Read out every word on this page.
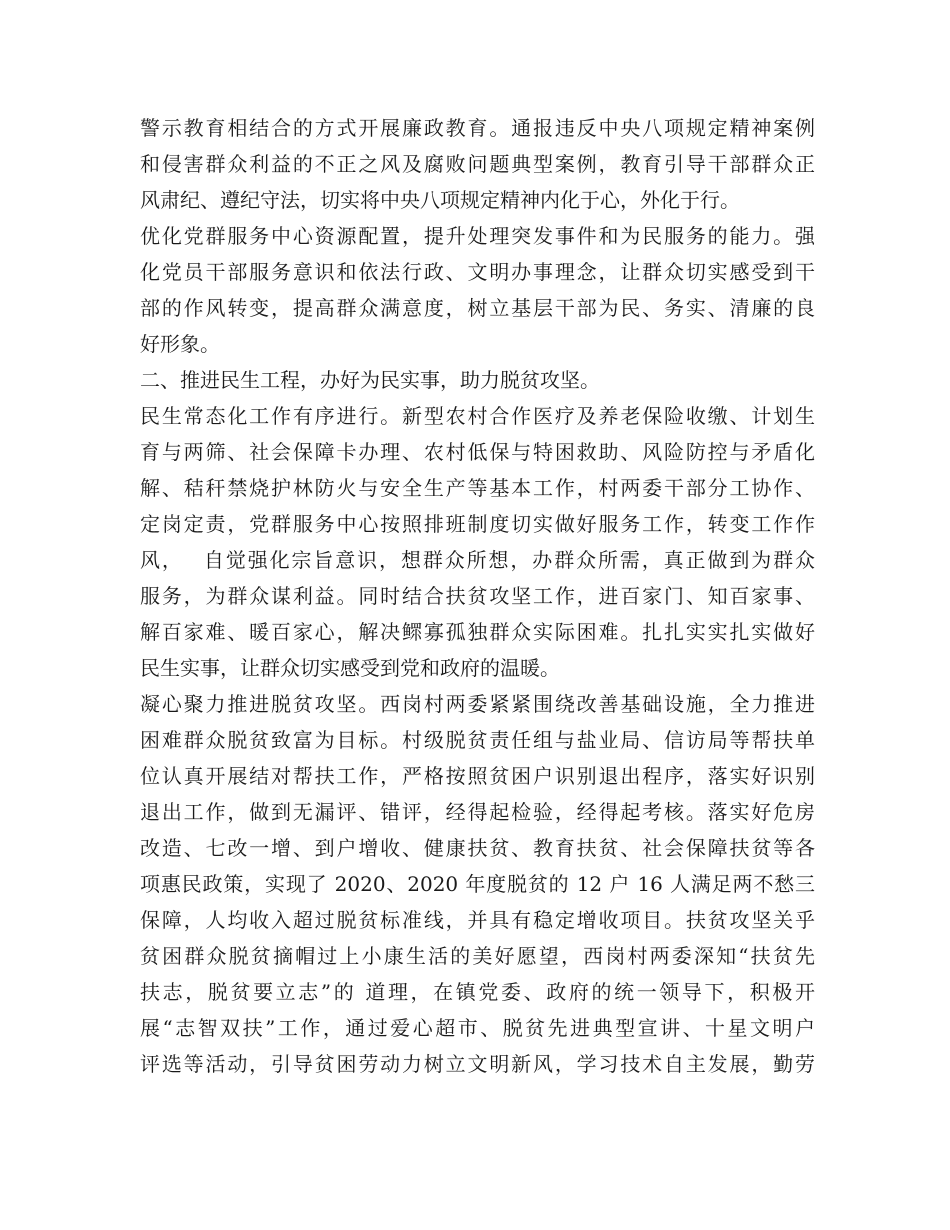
警示教育相结合的方式开展廉政教育。通报违反中央八项规定精神案例
和侵害群众利益的不正之风及腐败问题典型案例，教育引导干部群众正
风肃纪、遵纪守法，切实将中央八项规定精神内化于心，外化于行。
优化党群服务中心资源配置，提升处理突发事件和为民服务的能力。强
化党员干部服务意识和依法行政、文明办事理念，让群众切实感受到干
部的作风转变，提高群众满意度，树立基层干部为民、务实、清廉的良
好形象。
二、推进民生工程，办好为民实事，助力脱贫攻坚。
民生常态化工作有序进行。新型农村合作医疗及养老保险收缴、计划生
育与两筛、社会保障卡办理、农村低保与特困救助、风险防控与矛盾化
解、秸秆禁烧护林防火与安全生产等基本工作，村两委干部分工协作、
定岗定责，党群服务中心按照排班制度切实做好服务工作，转变工作作
风，　 自觉强化宗旨意识，想群众所想，办群众所需，真正做到为群众
服务，为群众谋利益。同时结合扶贫攻坚工作，进百家门、知百家事、
解百家难、暖百家心，解决鳏寡孤独群众实际困难。扎扎实实扎实做好
民生实事，让群众切实感受到党和政府的温暖。
凝心聚力推进脱贫攻坚。西岗村两委紧紧围绕改善基础设施，全力推进
困难群众脱贫致富为目标。村级脱贫责任组与盐业局、信访局等帮扶单
位认真开展结对帮扶工作，严格按照贫困户识别退出程序，落实好识别
退出工作，做到无漏评、错评，经得起检验，经得起考核。落实好危房
改造、七改一增、到户增收、健康扶贫、教育扶贫、社会保障扶贫等各
项惠民政策，实现了 2020、2020 年度脱贫的 12 户 16 人满足两不愁三
保障，人均收入超过脱贫标准线，并具有稳定增收项目。扶贫攻坚关乎
贫困群众脱贫摘帽过上小康生活的美好愿望，西岗村两委深知“扶贫先
扶志，脱贫要立志”的 道理，在镇党委、政府的统一领导下，积极开
展“志智双扶”工作，通过爱心超市、脱贫先进典型宣讲、十星文明户
评选等活动，引导贫困劳动力树立文明新风，学习技术自主发展，勤劳
